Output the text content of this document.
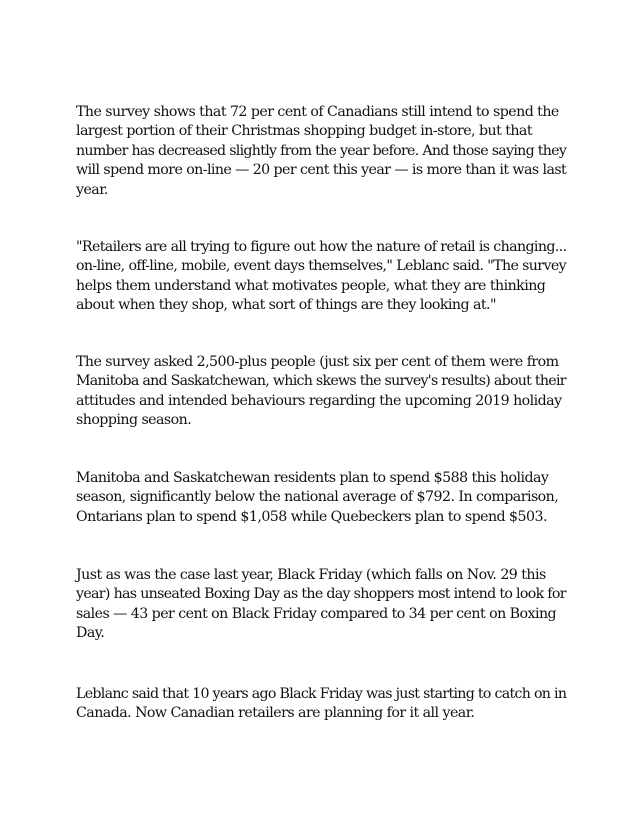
The survey shows that 72 per cent of Canadians still intend to spend the
largest portion of their Christmas shopping budget in-store, but that
number has decreased slightly from the year before. And those saying they
will spend more on-line — 20 per cent this year — is more than it was last
year.

"Retailers are all trying to figure out how the nature of retail is changing...
on-line, off-line, mobile, event days themselves," Leblanc said. "The survey
helps them understand what motivates people, what they are thinking
about when they shop, what sort of things are they looking at."

The survey asked 2,500-plus people (just six per cent of them were from
Manitoba and Saskatchewan, which skews the survey's results) about their
attitudes and intended behaviours regarding the upcoming 2019 holiday
shopping season.

Manitoba and Saskatchewan residents plan to spend $588 this holiday
season, significantly below the national average of $792. In comparison,
Ontarians plan to spend $1,058 while Quebeckers plan to spend $503.

Just as was the case last year, Black Friday (which falls on Nov. 29 this
year) has unseated Boxing Day as the day shoppers most intend to look for
sales — 43 per cent on Black Friday compared to 34 per cent on Boxing
Day.

Leblanc said that 10 years ago Black Friday was just starting to catch on in
Canada. Now Canadian retailers are planning for it all year.
